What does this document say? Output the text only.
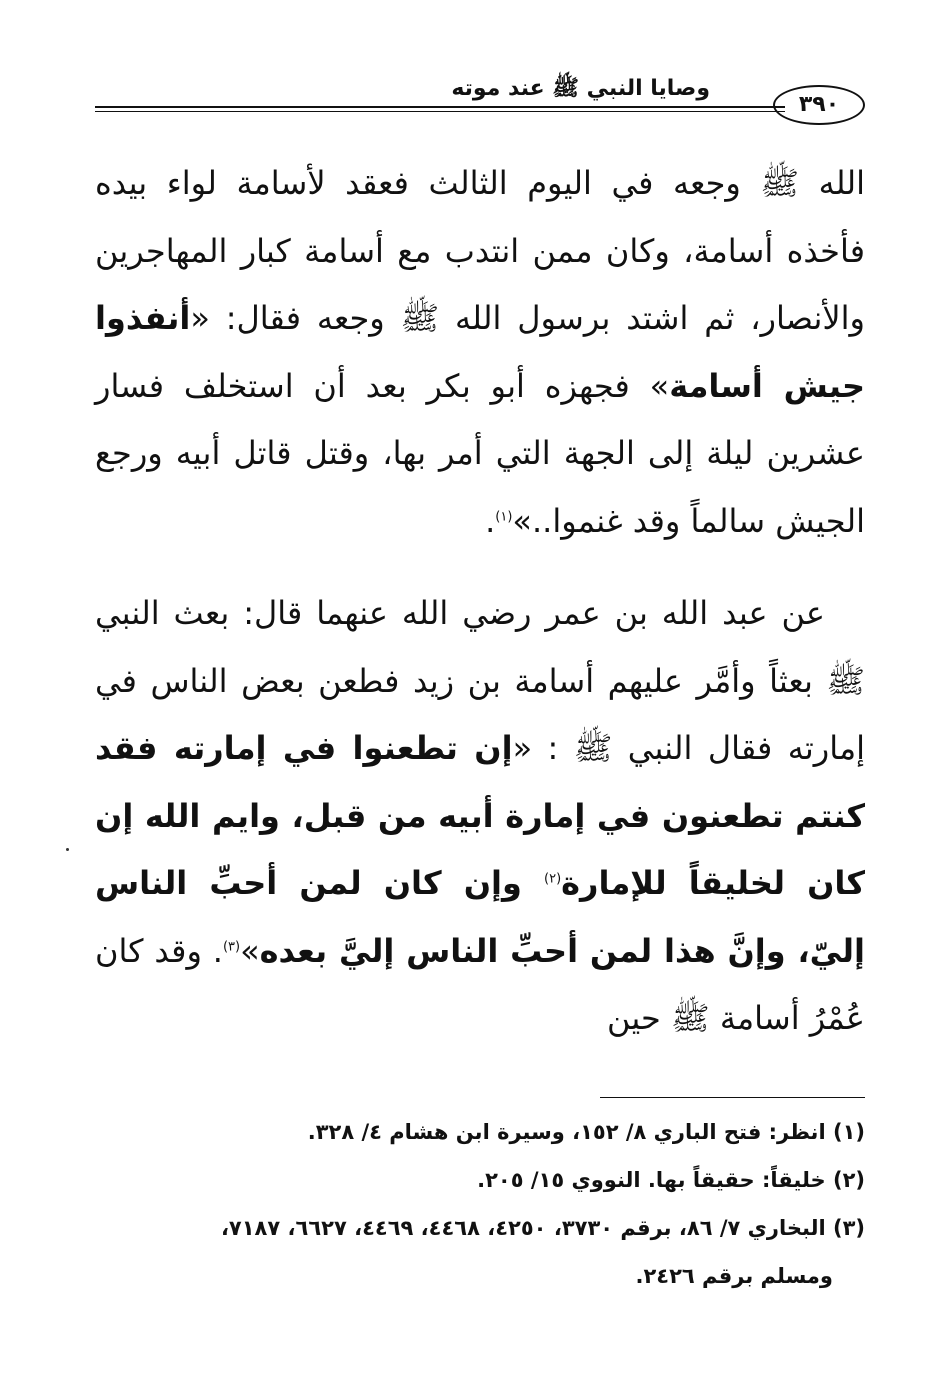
وصايا النبي ﷺ عند موته
٣٩٠

الله ﷺ وجعه في اليوم الثالث فعقد لأسامة لواء بيده فأخذه أسامة، وكان ممن انتدب مع أسامة كبار المهاجرين والأنصار، ثم اشتد برسول الله ﷺ وجعه فقال: «أنفذوا جيش أسامة» فجهزه أبو بكر بعد أن استخلف فسار عشرين ليلة إلى الجهة التي أمر بها، وقتل قاتل أبيه ورجع الجيش سالماً وقد غنموا..»$^{(١)}$.

عن عبد الله بن عمر رضي الله عنهما قال: بعث النبي ﷺ بعثاً وأمَّر عليهم أسامة بن زيد فطعن بعض الناس في إمارته فقال النبي ﷺ : «إن تطعنوا في إمارته فقد كنتم تطعنون في إمارة أبيه من قبل، وايم الله إن كان لخليقاً للإمارة$^{(٢)}$ وإن كان لمن أحبِّ الناس إليّ، وإنَّ هذا لمن أحبِّ الناس إليَّ بعده»$^{(٣)}$. وقد كان عُمْرُ أسامة ﷺ حين

(١) انظر: فتح الباري ٨/ ١٥٢، وسيرة ابن هشام ٤/ ٣٢٨.

(٢) خليقاً: حقيقاً بها. النووي ١٥/ ٢٠٥.

(٣) البخاري ٧/ ٨٦، برقم ٣٧٣٠، ٤٢٥٠، ٤٤٦٨، ٤٤٦٩، ٦٦٢٧، ٧١٨٧،

ومسلم برقم ٢٤٢٦.
